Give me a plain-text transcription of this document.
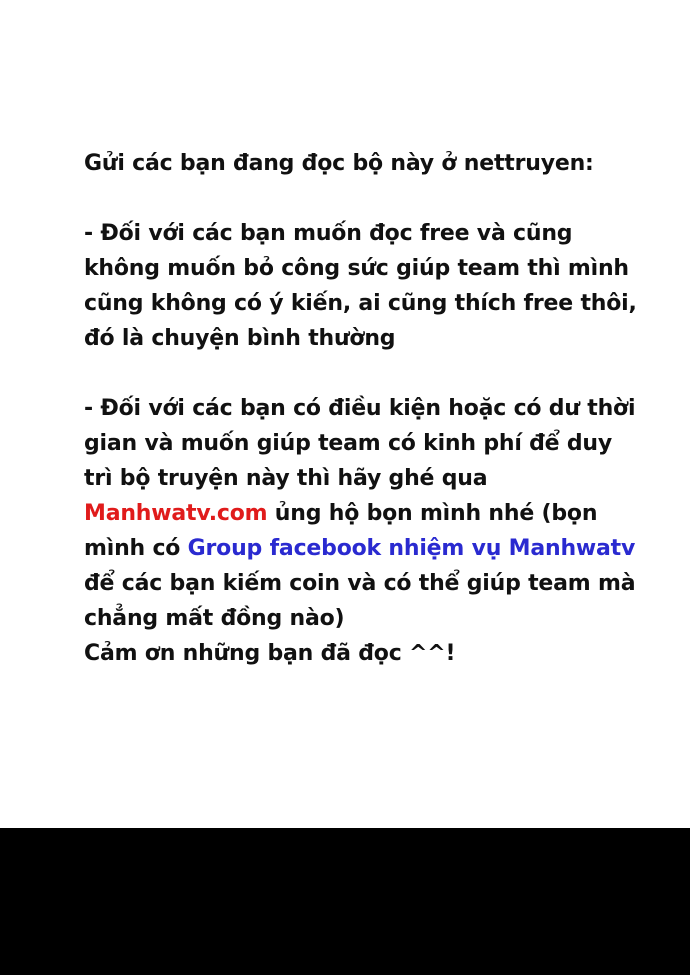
Gửi các bạn đang đọc bộ này ở nettruyen:

- Đối với các bạn muốn đọc free và cũng
không muốn bỏ công sức giúp team thì mình
cũng không có ý kiến, ai cũng thích free thôi,
đó là chuyện bình thường

- Đối với các bạn có điều kiện hoặc có dư thời
gian và muốn giúp team có kinh phí để duy
trì bộ truyện này thì hãy ghé qua
Manhwatv.com ủng hộ bọn mình nhé (bọn
mình có Group facebook nhiệm vụ Manhwatv
để các bạn kiếm coin và có thể giúp team mà
chẳng mất đồng nào)

Cảm ơn những bạn đã đọc ^^!
